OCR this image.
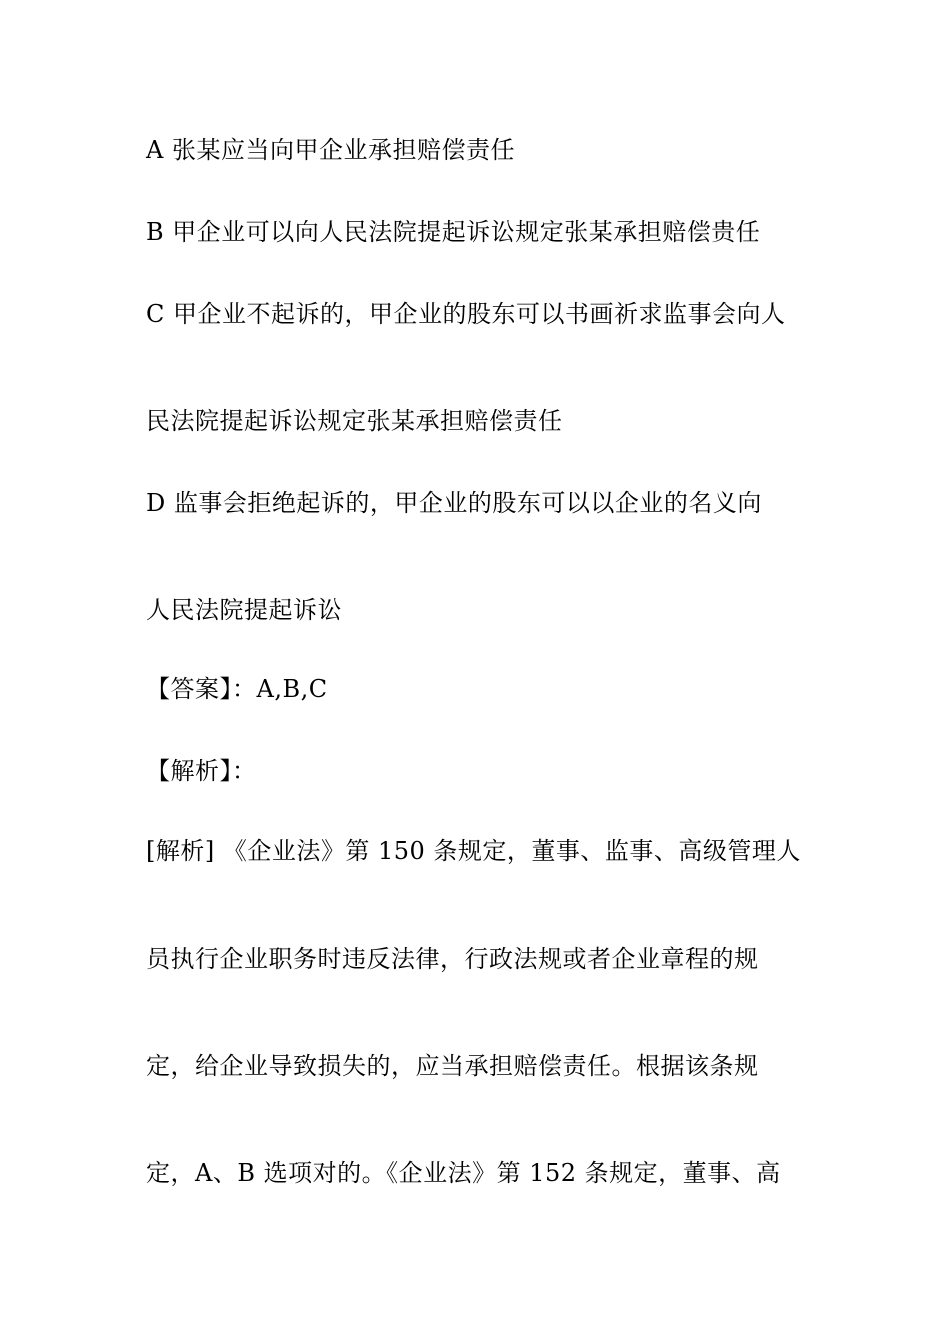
A 张某应当向甲企业承担赔偿责任
B 甲企业可以向人民法院提起诉讼规定张某承担赔偿贵任
C 甲企业不起诉的，甲企业的股东可以书画祈求监事会向人
民法院提起诉讼规定张某承担赔偿责任
D 监事会拒绝起诉的，甲企业的股东可以以企业的名义向
人民法院提起诉讼
【答案】：A,B,C
【解析】：
[解析] 《企业法》第 150 条规定，董事、监事、高级管理人
员执行企业职务时违反法律，行政法规或者企业章程的规
定，给企业导致损失的，应当承担赔偿责任。根据该条规
定，A、B 选项对的。《企业法》第 152 条规定，董事、高
